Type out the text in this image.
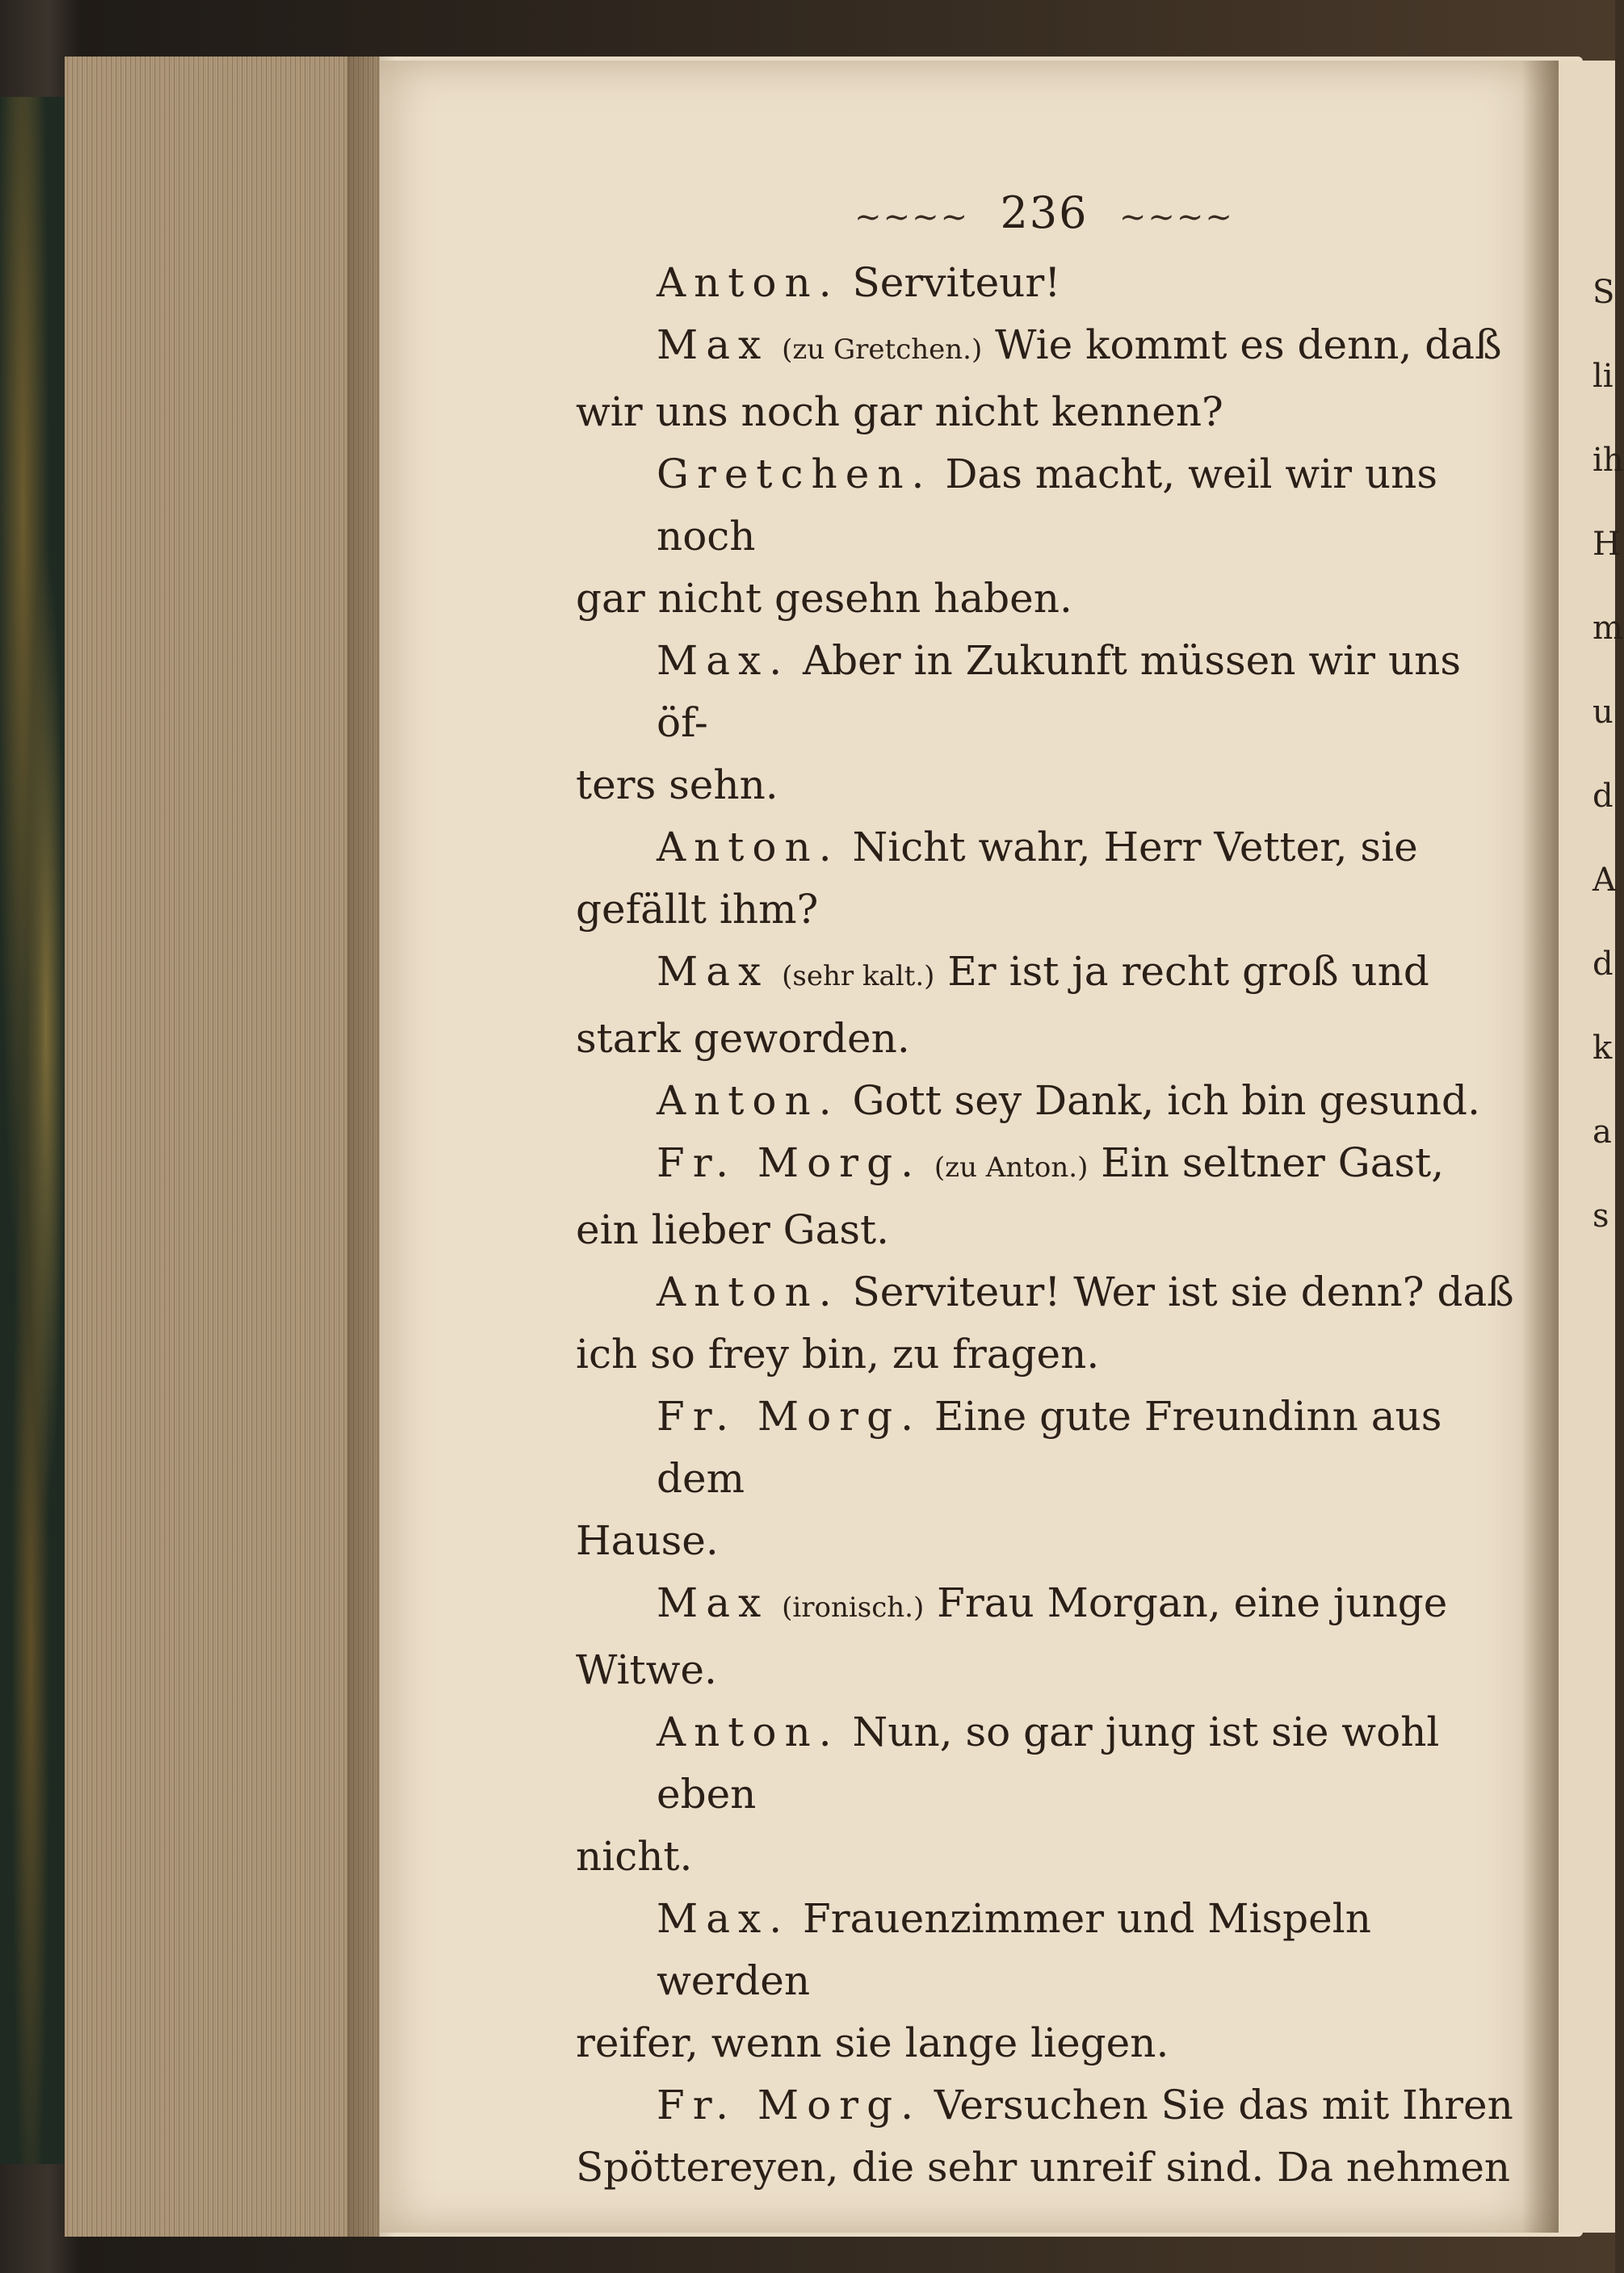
S
li
ih
H
m
u
d
A
d
k
a
s
~~~~ 236 ~~~~
Anton. Serviteur!
Max (zu Gretchen.) Wie kommt es denn, daß
wir uns noch gar nicht kennen?
Gretchen. Das macht, weil wir uns noch
gar nicht gesehn haben.
Max. Aber in Zukunft müssen wir uns öf-
ters sehn.
Anton. Nicht wahr, Herr Vetter, sie
gefällt ihm?
Max (sehr kalt.) Er ist ja recht groß und
stark geworden.
Anton. Gott sey Dank, ich bin gesund.
Fr. Morg. (zu Anton.) Ein seltner Gast,
ein lieber Gast.
Anton. Serviteur! Wer ist sie denn? daß
ich so frey bin, zu fragen.
Fr. Morg. Eine gute Freundinn aus dem
Hause.
Max (ironisch.) Frau Morgan, eine junge
Witwe.
Anton. Nun, so gar jung ist sie wohl eben
nicht.
Max. Frauenzimmer und Mispeln werden
reifer, wenn sie lange liegen.
Fr. Morg. Versuchen Sie das mit Ihren
Spöttereyen, die sehr unreif sind. Da nehmen
